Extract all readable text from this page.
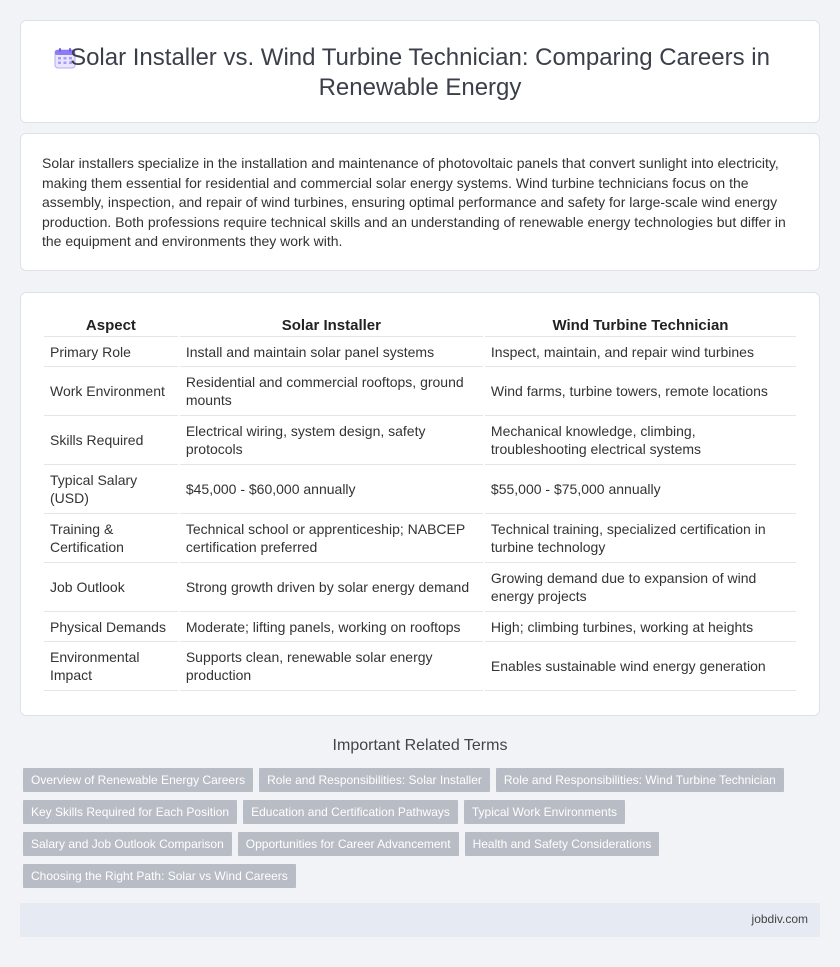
Solar Installer vs. Wind Turbine Technician: Comparing Careers in Renewable Energy

Solar installers specialize in the installation and maintenance of photovoltaic panels that convert sunlight into electricity, making them essential for residential and commercial solar energy systems. Wind turbine technicians focus on the assembly, inspection, and repair of wind turbines, ensuring optimal performance and safety for large-scale wind energy production. Both professions require technical skills and an understanding of renewable energy technologies but differ in the equipment and environments they work with.

Aspect	Solar Installer	Wind Turbine Technician
Primary Role	Install and maintain solar panel systems	Inspect, maintain, and repair wind turbines
Work Environment	Residential and commercial rooftops, ground mounts	Wind farms, turbine towers, remote locations
Skills Required	Electrical wiring, system design, safety protocols	Mechanical knowledge, climbing, troubleshooting electrical systems
Typical Salary (USD)	$45,000 - $60,000 annually	$55,000 - $75,000 annually
Training & Certification	Technical school or apprenticeship; NABCEP certification preferred	Technical training, specialized certification in turbine technology
Job Outlook	Strong growth driven by solar energy demand	Growing demand due to expansion of wind energy projects
Physical Demands	Moderate; lifting panels, working on rooftops	High; climbing turbines, working at heights
Environmental Impact	Supports clean, renewable solar energy production	Enables sustainable wind energy generation
Important Related Terms
Overview of Renewable Energy Careers	Role and Responsibilities: Solar Installer	Role and Responsibilities: Wind Turbine Technician
Key Skills Required for Each Position	Education and Certification Pathways	Typical Work Environments
Salary and Job Outlook Comparison	Opportunities for Career Advancement	Health and Safety Considerations
Choosing the Right Path: Solar vs Wind Careers
jobdiv.com
